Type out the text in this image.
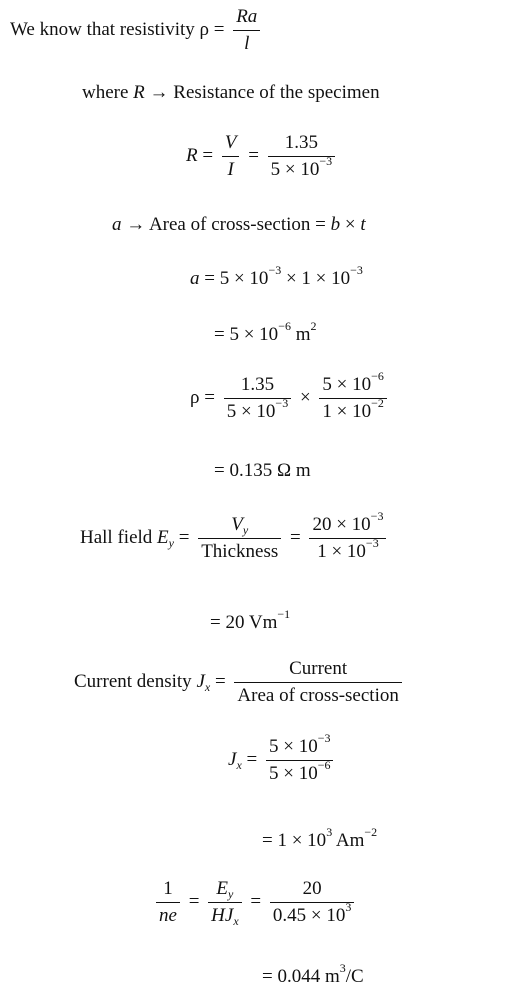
We know that resistivity $\rho = \frac{Ra}{l}$
where R → Resistance of the specimen
$R = \frac{V}{I} = \frac{1.35}{5 \times 10^{-3}}$
a → Area of cross-section = b × t
$a = 5 \times 10^{-3} \times 1 \times 10^{-3}$
= $5 \times 10^{-6}$ $m^2$
$\rho = \frac{1.35}{5 \times 10^{-3}} \times \frac{5 \times 10^{-6}}{1 \times 10^{-2}}$
= 0.135 Ω m
Hall field $E_y = \frac{V_y}{\text{Thickness}} = \frac{20 \times 10^{-3}}{1 \times 10^{-3}}$
= 20 $Vm^{-1}$
Current density $J_x = \frac{\text{Current}}{\text{Area of cross-section}}$
$J_x = \frac{5 \times 10^{-3}}{5 \times 10^{-6}}$
= $1 \times 10^3$ $Am^{-2}$
$\frac{1}{ne} = \frac{E_y}{HJ_x} = \frac{20}{0.45 \times 10^3}$
= 0.044 $m^3/C$
